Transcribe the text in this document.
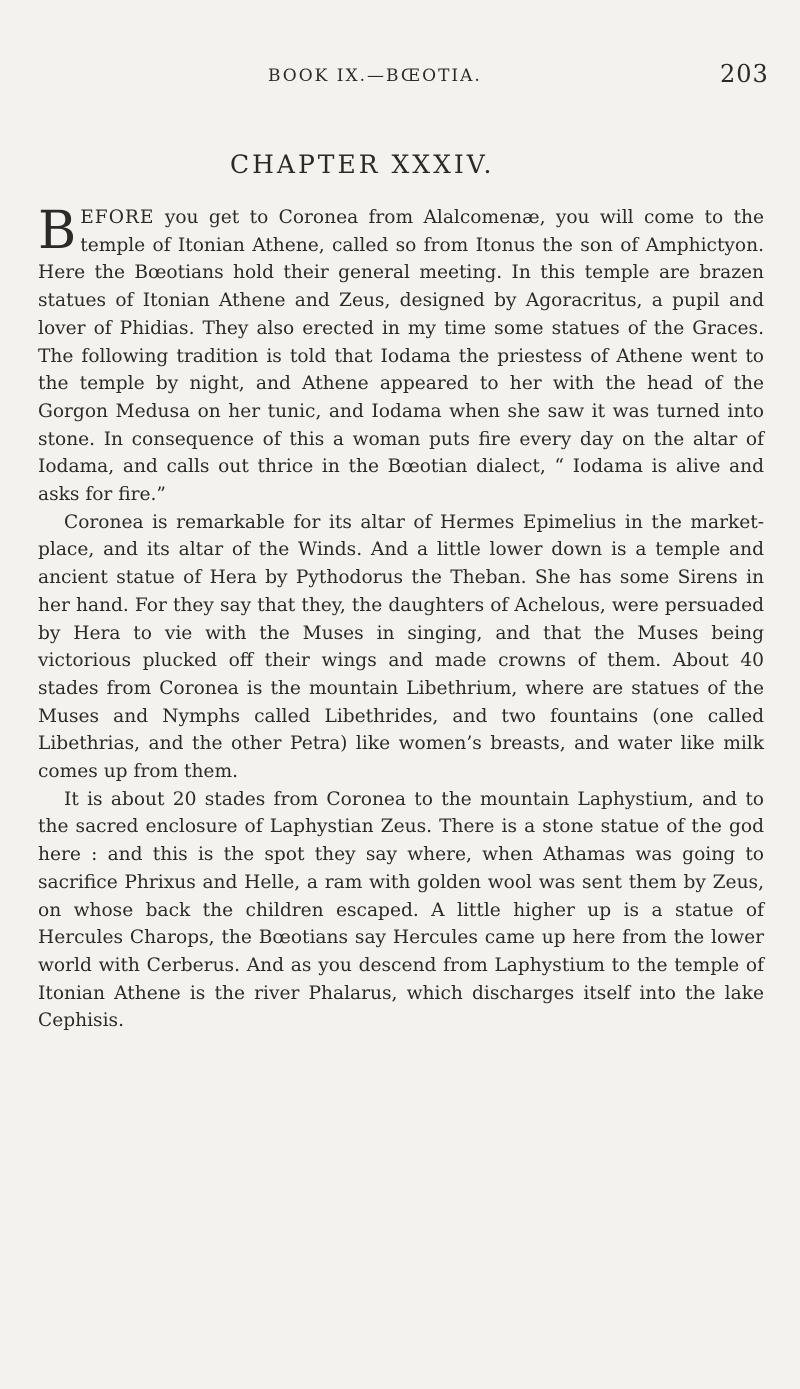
BOOK IX.—BŒOTIA.	203
CHAPTER XXXIV.

BEFORE you get to Coronea from Alalcomenæ, you will come to the temple of Itonian Athene, called so from Itonus the son of Amphictyon. Here the Bœotians hold their general meeting. In this temple are brazen statues of Itonian Athene and Zeus, designed by Agoracritus, a pupil and lover of Phidias. They also erected in my time some statues of the Graces. The following tradition is told that Iodama the priestess of Athene went to the temple by night, and Athene appeared to her with the head of the Gorgon Medusa on her tunic, and Iodama when she saw it was turned into stone. In consequence of this a woman puts fire every day on the altar of Iodama, and calls out thrice in the Bœotian dialect, “ Iodama is alive and asks for fire.”

Coronea is remarkable for its altar of Hermes Epimelius in the market-place, and its altar of the Winds. And a little lower down is a temple and ancient statue of Hera by Pythodorus the Theban. She has some Sirens in her hand. For they say that they, the daughters of Achelous, were persuaded by Hera to vie with the Muses in singing, and that the Muses being victorious plucked off their wings and made crowns of them. About 40 stades from Coronea is the mountain Libethrium, where are statues of the Muses and Nymphs called Libethrides, and two fountains (one called Libethrias, and the other Petra) like women’s breasts, and water like milk comes up from them.

It is about 20 stades from Coronea to the mountain Laphystium, and to the sacred enclosure of Laphystian Zeus. There is a stone statue of the god here : and this is the spot they say where, when Athamas was going to sacrifice Phrixus and Helle, a ram with golden wool was sent them by Zeus, on whose back the children escaped. A little higher up is a statue of Hercules Charops, the Bœotians say Hercules came up here from the lower world with Cerberus. And as you descend from Laphystium to the temple of Itonian Athene is the river Phalarus, which discharges itself into the lake Cephisis.
